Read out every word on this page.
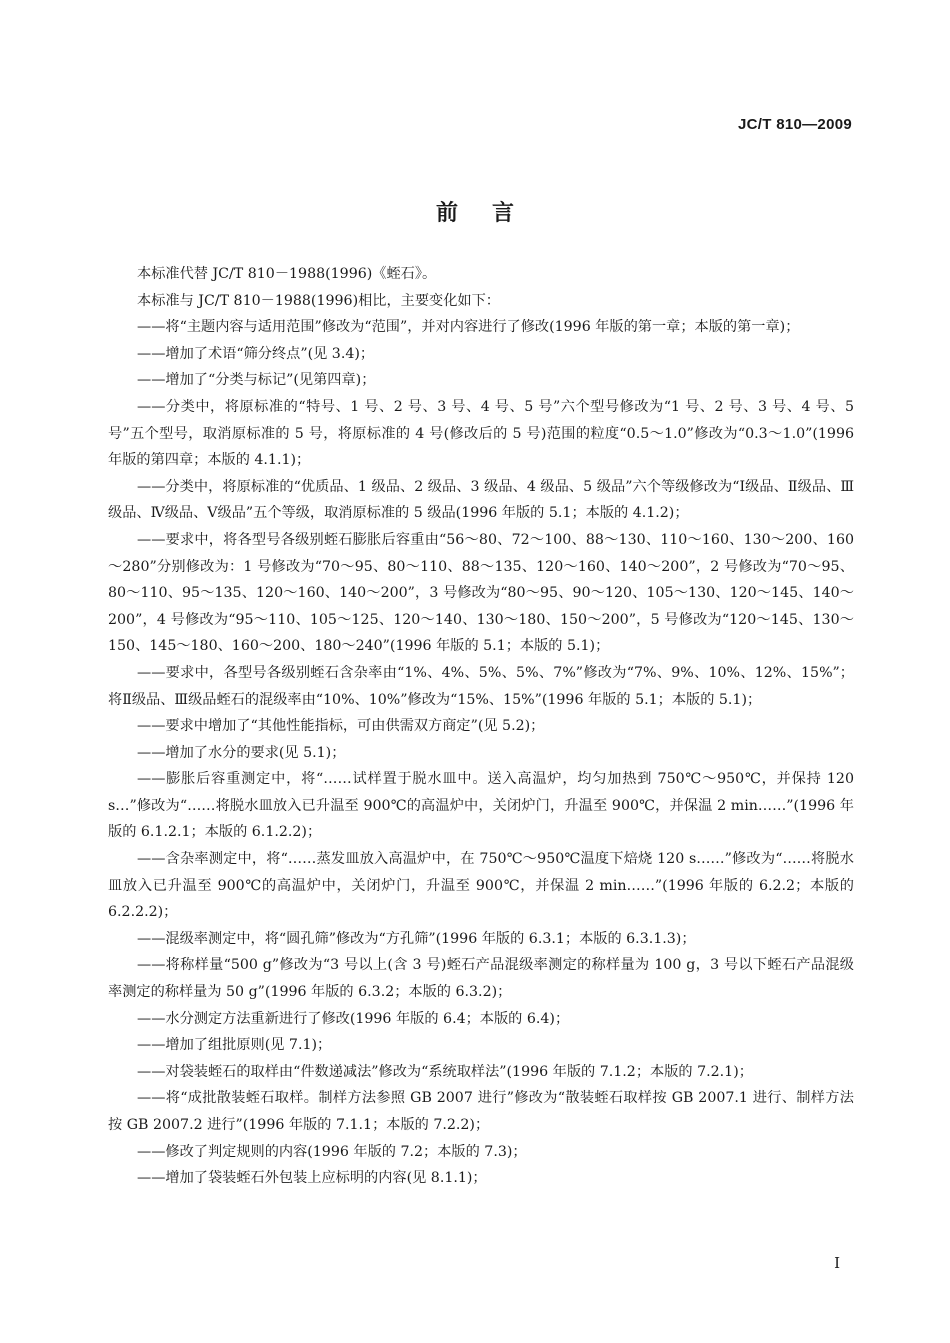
JC/T 810—2009
前言

本标准代替 JC/T 810－1988(1996)《蛭石》。

本标准与 JC/T 810－1988(1996)相比，主要变化如下：

——将“主题内容与适用范围”修改为“范围”，并对内容进行了修改(1996 年版的第一章；本版的第一章)；

——增加了术语“筛分终点”(见 3.4)；

——增加了“分类与标记”(见第四章)；

——分类中，将原标准的“特号、1 号、2 号、3 号、4 号、5 号”六个型号修改为“1 号、2 号、3 号、4 号、5 号”五个型号，取消原标准的 5 号，将原标准的 4 号(修改后的 5 号)范围的粒度“0.5～1.0”修改为“0.3～1.0”(1996 年版的第四章；本版的 4.1.1)；

——分类中，将原标准的“优质品、1 级品、2 级品、3 级品、4 级品、5 级品”六个等级修改为“Ⅰ级品、Ⅱ级品、Ⅲ级品、Ⅳ级品、Ⅴ级品”五个等级，取消原标准的 5 级品(1996 年版的 5.1；本版的 4.1.2)；

——要求中，将各型号各级别蛭石膨胀后容重由“56～80、72～100、88～130、110～160、130～200、160～280”分别修改为：1 号修改为“70～95、80～110、88～135、120～160、140～200”，2 号修改为“70～95、80～110、95～135、120～160、140～200”，3 号修改为“80～95、90～120、105～130、120～145、140～200”，4 号修改为“95～110、105～125、120～140、130～180、150～200”，5 号修改为“120～145、130～150、145～180、160～200、180～240”(1996 年版的 5.1；本版的 5.1)；

——要求中，各型号各级别蛭石含杂率由“1%、4%、5%、5%、7%”修改为“7%、9%、10%、12%、15%”；将Ⅱ级品、Ⅲ级品蛭石的混级率由“10%、10%”修改为“15%、15%”(1996 年版的 5.1；本版的 5.1)；

——要求中增加了“其他性能指标，可由供需双方商定”(见 5.2)；

——增加了水分的要求(见 5.1)；

——膨胀后容重测定中，将“……试样置于脱水皿中。送入高温炉，均匀加热到 750℃～950℃，并保持 120 s…”修改为“……将脱水皿放入已升温至 900℃的高温炉中，关闭炉门，升温至 900℃，并保温 2 min……”(1996 年版的 6.1.2.1；本版的 6.1.2.2)；

——含杂率测定中，将“……蒸发皿放入高温炉中，在 750℃～950℃温度下焙烧 120 s……”修改为“……将脱水皿放入已升温至 900℃的高温炉中，关闭炉门，升温至 900℃，并保温 2 min……”(1996 年版的 6.2.2；本版的 6.2.2.2)；

——混级率测定中，将“圆孔筛”修改为“方孔筛”(1996 年版的 6.3.1；本版的 6.3.1.3)；

——将称样量“500 g”修改为“3 号以上(含 3 号)蛭石产品混级率测定的称样量为 100 g，3 号以下蛭石产品混级率测定的称样量为 50 g”(1996 年版的 6.3.2；本版的 6.3.2)；

——水分测定方法重新进行了修改(1996 年版的 6.4；本版的 6.4)；

——增加了组批原则(见 7.1)；

——对袋装蛭石的取样由“件数递减法”修改为“系统取样法”(1996 年版的 7.1.2；本版的 7.2.1)；

——将“成批散装蛭石取样。制样方法参照 GB 2007 进行”修改为“散装蛭石取样按 GB 2007.1 进行、制样方法按 GB 2007.2 进行”(1996 年版的 7.1.1；本版的 7.2.2)；

——修改了判定规则的内容(1996 年版的 7.2；本版的 7.3)；

——增加了袋装蛭石外包装上应标明的内容(见 8.1.1)；

I
